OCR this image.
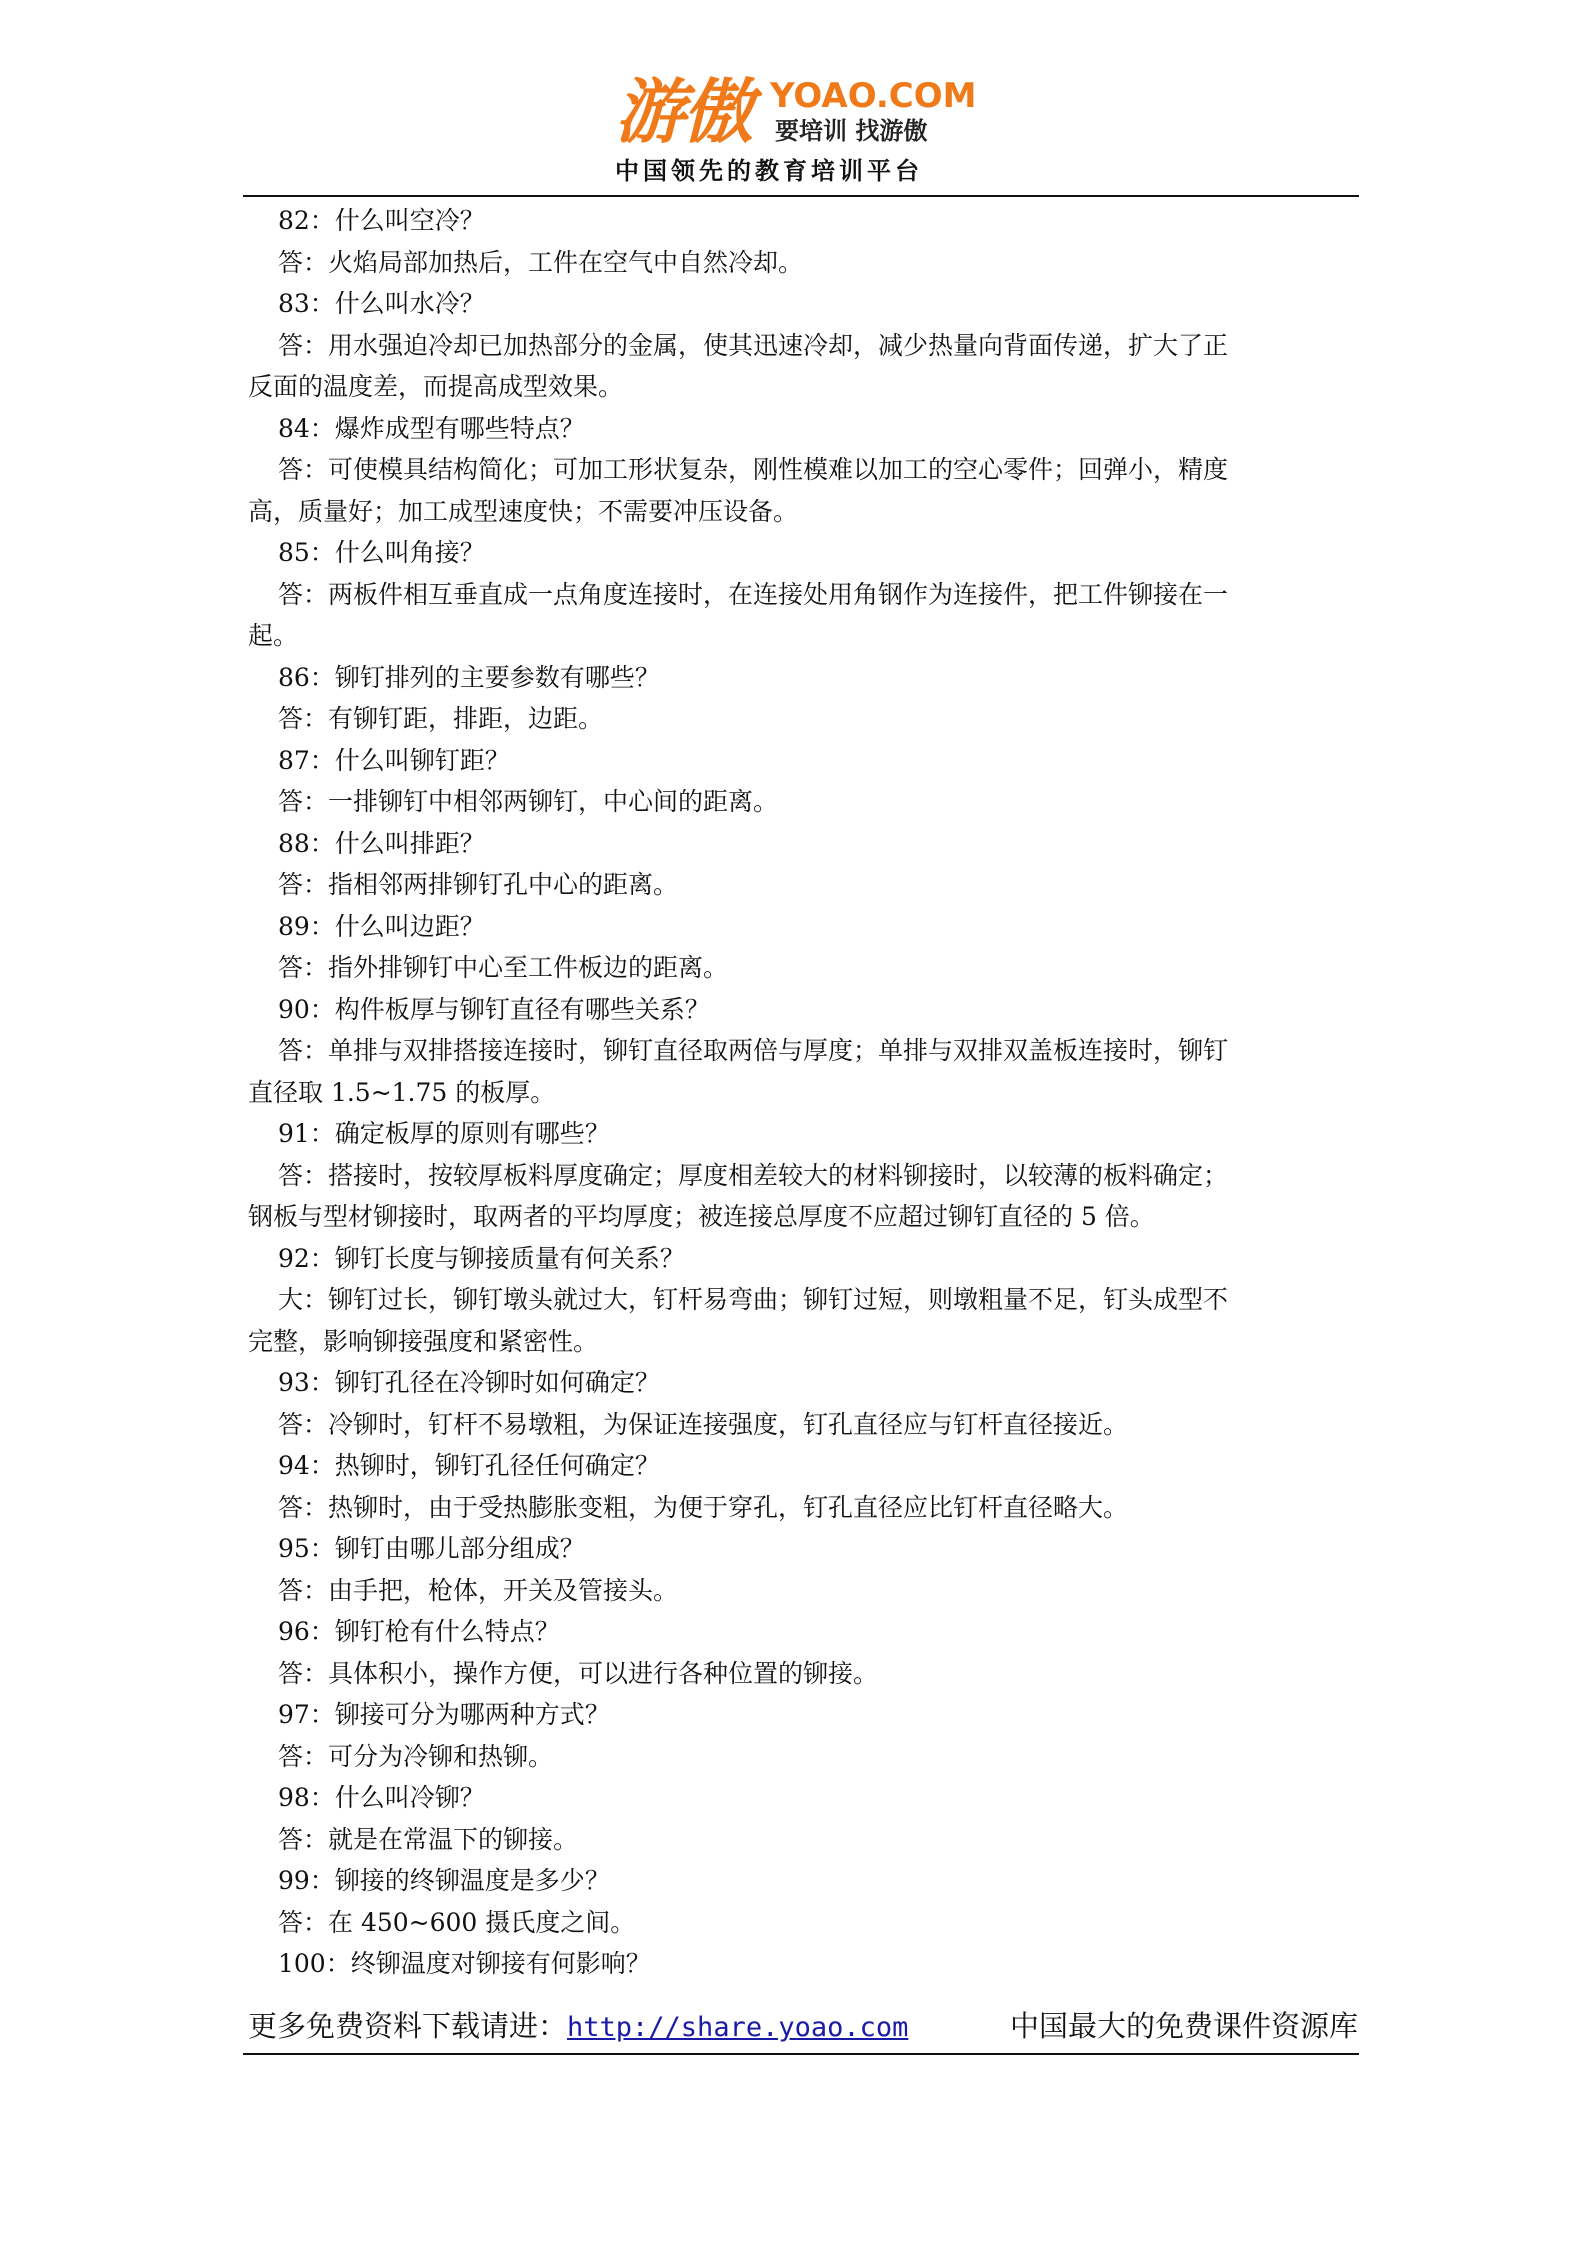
游傲 YOAO.COM
要培训 找游傲
中国领先的教育培训平台
82：什么叫空冷？
答：火焰局部加热后，工件在空气中自然冷却。
83：什么叫水冷？
答：用水强迫冷却已加热部分的金属，使其迅速冷却，减少热量向背面传递，扩大了正
反面的温度差，而提高成型效果。
84：爆炸成型有哪些特点？
答：可使模具结构简化；可加工形状复杂，刚性模难以加工的空心零件；回弹小，精度
高，质量好；加工成型速度快；不需要冲压设备。
85：什么叫角接？
答：两板件相互垂直成一点角度连接时，在连接处用角钢作为连接件，把工件铆接在一
起。
86：铆钉排列的主要参数有哪些？
答：有铆钉距，排距，边距。
87：什么叫铆钉距？
答：一排铆钉中相邻两铆钉，中心间的距离。
88：什么叫排距？
答：指相邻两排铆钉孔中心的距离。
89：什么叫边距？
答：指外排铆钉中心至工件板边的距离。
90：构件板厚与铆钉直径有哪些关系？
答：单排与双排搭接连接时，铆钉直径取两倍与厚度；单排与双排双盖板连接时，铆钉
直径取 1.5~1.75 的板厚。
91：确定板厚的原则有哪些？
答：搭接时，按较厚板料厚度确定；厚度相差较大的材料铆接时，以较薄的板料确定；
钢板与型材铆接时，取两者的平均厚度；被连接总厚度不应超过铆钉直径的 5 倍。
92：铆钉长度与铆接质量有何关系？
大：铆钉过长，铆钉墩头就过大，钉杆易弯曲；铆钉过短，则墩粗量不足，钉头成型不
完整，影响铆接强度和紧密性。
93：铆钉孔径在冷铆时如何确定？
答：冷铆时，钉杆不易墩粗，为保证连接强度，钉孔直径应与钉杆直径接近。
94：热铆时，铆钉孔径任何确定？
答：热铆时，由于受热膨胀变粗，为便于穿孔，钉孔直径应比钉杆直径略大。
95：铆钉由哪儿部分组成？
答：由手把，枪体，开关及管接头。
96：铆钉枪有什么特点？
答：具体积小，操作方便，可以进行各种位置的铆接。
97：铆接可分为哪两种方式？
答：可分为冷铆和热铆。
98：什么叫冷铆？
答：就是在常温下的铆接。
99：铆接的终铆温度是多少？
答：在 450~600 摄氏度之间。
100：终铆温度对铆接有何影响？
更多免费资料下载请进：http://share.yoao.com	中国最大的免费课件资源库
